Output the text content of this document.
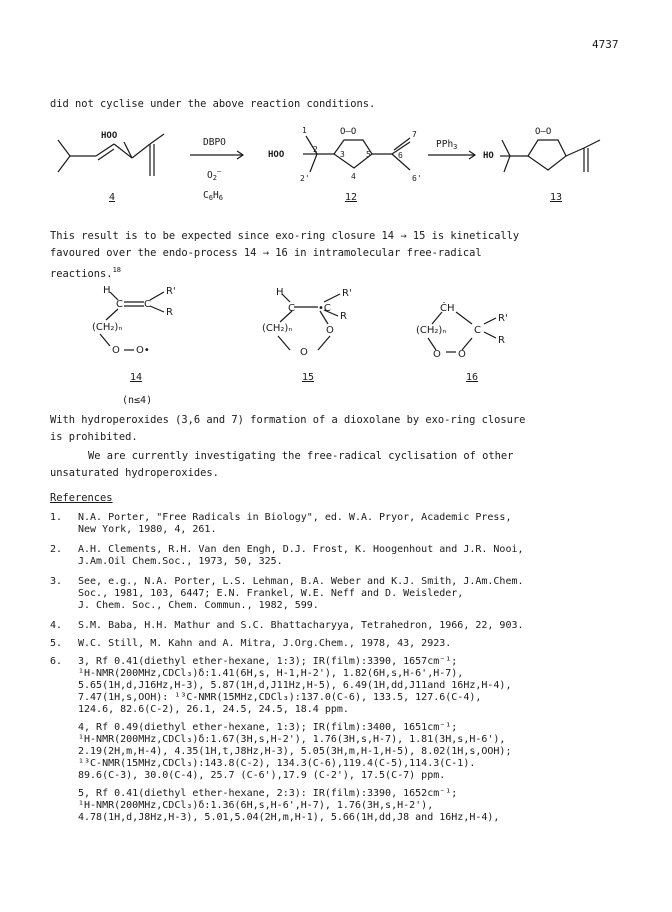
4737
did not cyclise under the above reaction conditions.
HOO
HOO	HO
O–O	O–O
1
2
3
4
5	6
7
2'	6'
DBPO
$O_2^-$
$C_6H_6$
PPh$_3$
4	12	13
This result is to be expected since exo-ring closure 14 → 15 is kinetically
favoured over the endo-process 14 → 16 in intramolecular free-radical
reactions.$^{18}$
H
C C
R'
R
(CH₂)ₙ
O O•
H
C •C
R'
R
(CH₂)ₙ	O
O
ĊH
(CH₂)ₙ	C
R'
R
O O
14	15	16
(n≤4)
With hydroperoxides (3,6 and 7) formation of a dioxolane by exo-ring closure
is prohibited.
We are currently investigating the free-radical cyclisation of other
unsaturated hydroperoxides.
References
1. N.A. Porter, "Free Radicals in Biology", ed. W.A. Pryor, Academic Press,
New York, 1980, 4, 261.
2. A.H. Clements, R.H. Van den Engh, D.J. Frost, K. Hoogenhout and J.R. Nooi,
J.Am.Oil Chem.Soc., 1973, 50, 325.
3. See, e.g., N.A. Porter, L.S. Lehman, B.A. Weber and K.J. Smith, J.Am.Chem.
Soc., 1981, 103, 6447; E.N. Frankel, W.E. Neff and D. Weisleder,
J. Chem. Soc., Chem. Commun., 1982, 599.
4. S.M. Baba, H.H. Mathur and S.C. Bhattacharyya, Tetrahedron, 1966, 22, 903.
5. W.C. Still, M. Kahn and A. Mitra, J.Org.Chem., 1978, 43, 2923.
6. 3, Rf 0.41(diethyl ether-hexane, 1:3); IR(film):3390, 1657cm⁻¹;
¹H-NMR(200MHz,CDCl₃)δ:1.41(6H,s, H-1,H-2'), 1.82(6H,s,H-6',H-7),
5.65(1H,d,J16Hz,H-3), 5.87(1H,d,J11Hz,H-5), 6.49(1H,dd,J11and 16Hz,H-4),
7.47(1H,s,OOH): ¹³C-NMR(15MHz,CDCl₃):137.0(C-6), 133.5, 127.6(C-4),
124.6, 82.6(C-2), 26.1, 24.5, 24.5, 18.4 ppm.
4, Rf 0.49(diethyl ether-hexane, 1:3); IR(film):3400, 1651cm⁻¹;
¹H-NMR(200MHz,CDCl₃)δ:1.67(3H,s,H-2'), 1.76(3H,s,H-7), 1.81(3H,s,H-6'),
2.19(2H,m,H-4), 4.35(1H,t,J8Hz,H-3), 5.05(3H,m,H-1,H-5), 8.02(1H,s,OOH);
¹³C-NMR(15MHz,CDCl₃):143.8(C-2), 134.3(C-6),119.4(C-5),114.3(C-1).
89.6(C-3), 30.0(C-4), 25.7 (C-6'),17.9 (C-2'), 17.5(C-7) ppm.
5, Rf 0.41(diethyl ether-hexane, 2:3): IR(film):3390, 1652cm⁻¹;
¹H-NMR(200MHz,CDCl₃)δ:1.36(6H,s,H-6',H-7), 1.76(3H,s,H-2'),
4.78(1H,d,J8Hz,H-3), 5.01,5.04(2H,m,H-1), 5.66(1H,dd,J8 and 16Hz,H-4),
